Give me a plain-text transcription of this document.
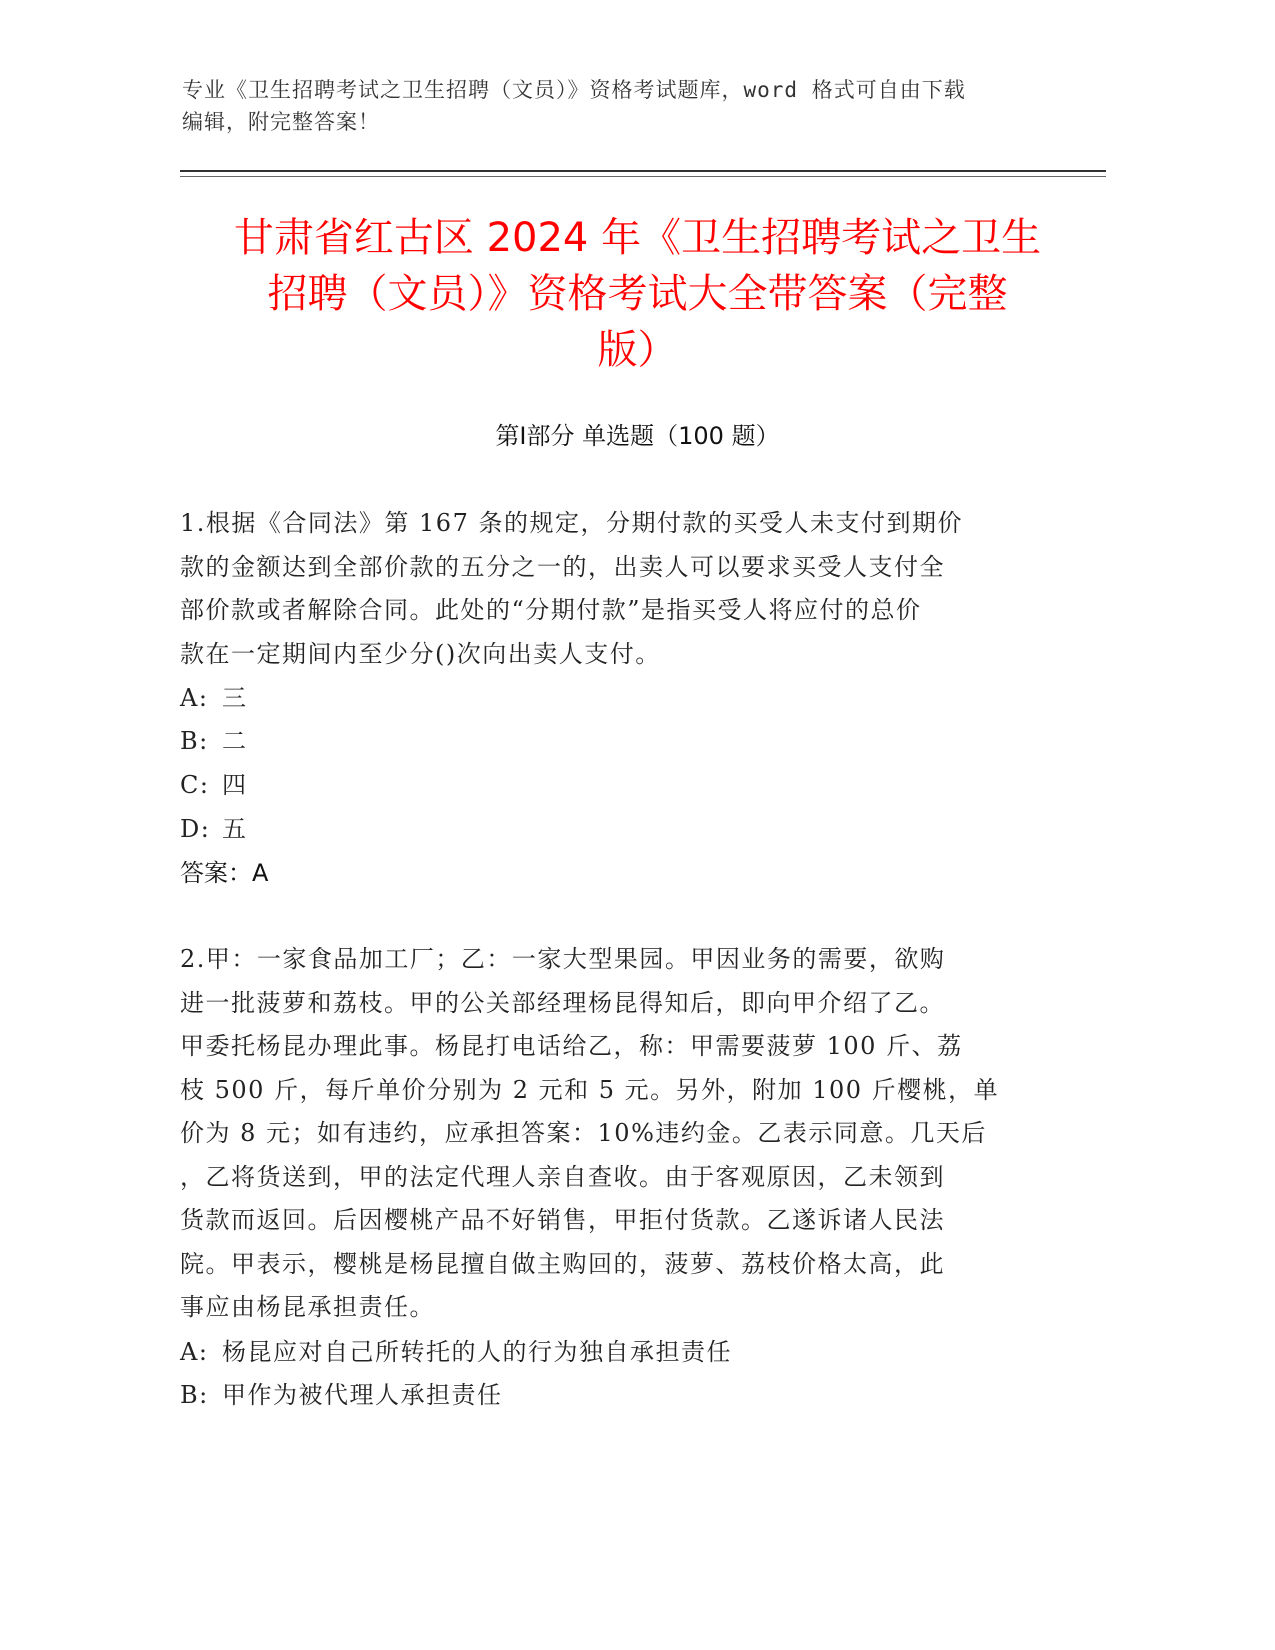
专业《卫生招聘考试之卫生招聘（文员）》资格考试题库，word 格式可自由下载
编辑，附完整答案！
甘肃省红古区 2024 年《卫生招聘考试之卫生
招聘（文员）》资格考试大全带答案（完整
版）
第Ⅰ部分 单选题（100 题）
1.根据《合同法》第 167 条的规定，分期付款的买受人未支付到期价
款的金额达到全部价款的五分之一的，出卖人可以要求买受人支付全
部价款或者解除合同。此处的“分期付款”是指买受人将应付的总价
款在一定期间内至少分()次向出卖人支付。
A: 三
B: 二
C: 四
D: 五
答案：A
2.甲：一家食品加工厂；乙：一家大型果园。甲因业务的需要，欲购
进一批菠萝和荔枝。甲的公关部经理杨昆得知后，即向甲介绍了乙。
甲委托杨昆办理此事。杨昆打电话给乙，称：甲需要菠萝 100 斤、荔
枝 500 斤，每斤单价分别为 2 元和 5 元。另外，附加 100 斤樱桃，单
价为 8 元；如有违约，应承担答案：10%违约金。乙表示同意。几天后
，乙将货送到，甲的法定代理人亲自查收。由于客观原因，乙未领到
货款而返回。后因樱桃产品不好销售，甲拒付货款。乙遂诉诸人民法
院。甲表示，樱桃是杨昆擅自做主购回的，菠萝、荔枝价格太高，此
事应由杨昆承担责任。
A: 杨昆应对自己所转托的人的行为独自承担责任
B: 甲作为被代理人承担责任
